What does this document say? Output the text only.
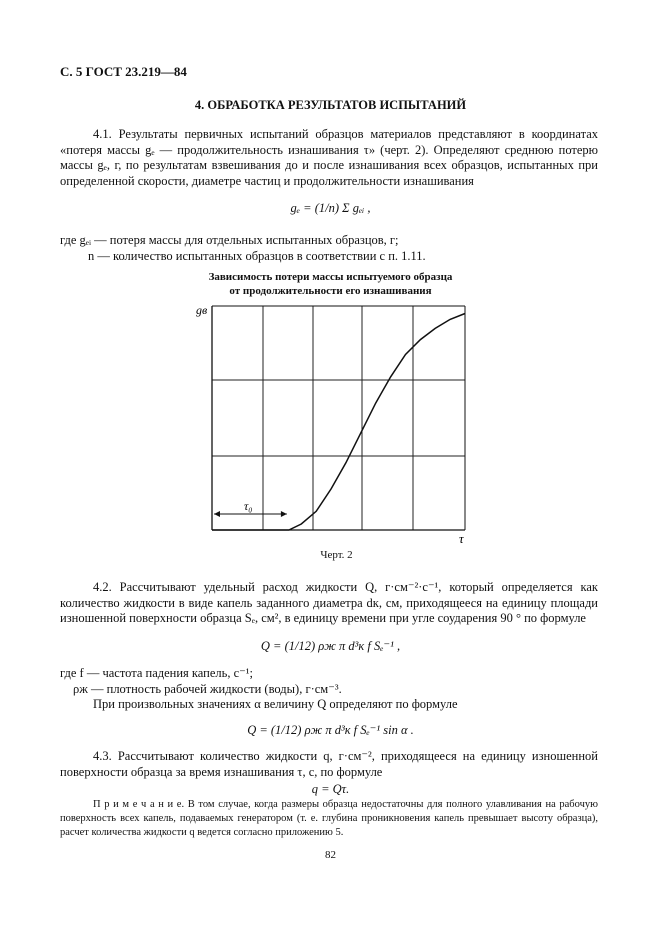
С. 5 ГОСТ 23.219—84
4. ОБРАБОТКА РЕЗУЛЬТАТОВ ИСПЫТАНИЙ
4.1. Результаты первичных испытаний образцов материалов представляют в координатах «потеря массы gₑ — продолжительность изнашивания τ» (черт. 2). Определяют среднюю потерю массы gₑ, г, по результатам взвешивания до и после изнашивания всех образцов, испытанных при определенной скорости, диаметре частиц и продолжительности изнашивания
gₑ = (1/n) Σ gₑᵢ ,
где gₑᵢ — потеря массы для отдельных испытанных образцов, г;
n — количество испытанных образцов в соответствии с п. 1.11.
Зависимость потери массы испытуемого образца
от продолжительности его изнашивания
τ₀
gв
τ
Черт. 2
4.2. Рассчитывают удельный расход жидкости Q, г·см⁻²·с⁻¹, который определяется как количество жидкости в виде капель заданного диаметра dк, см, приходящееся на единицу площади изношенной поверхности образца Sₑ, см², в единицу времени при угле соударения 90 ° по формуле
Q = (1/12) ρж π d³к f Sₑ⁻¹ ,
где f — частота падения капель, с⁻¹;
ρж — плотность рабочей жидкости (воды), г·см⁻³.
При произвольных значениях α величину Q определяют по формуле
Q = (1/12) ρж π d³к f Sₑ⁻¹ sin α .
4.3. Рассчитывают количество жидкости q, г·см⁻², приходящееся на единицу изношенной поверхности образца за время изнашивания τ, с, по формуле
q = Qτ.
П р и м е ч а н и е. В том случае, когда размеры образца недостаточны для полного улавливания на рабочую поверхность всех капель, подаваемых генератором (т. е. глубина проникновения капель превышает высоту образца), расчет количества жидкости q ведется согласно приложению 5.
82
